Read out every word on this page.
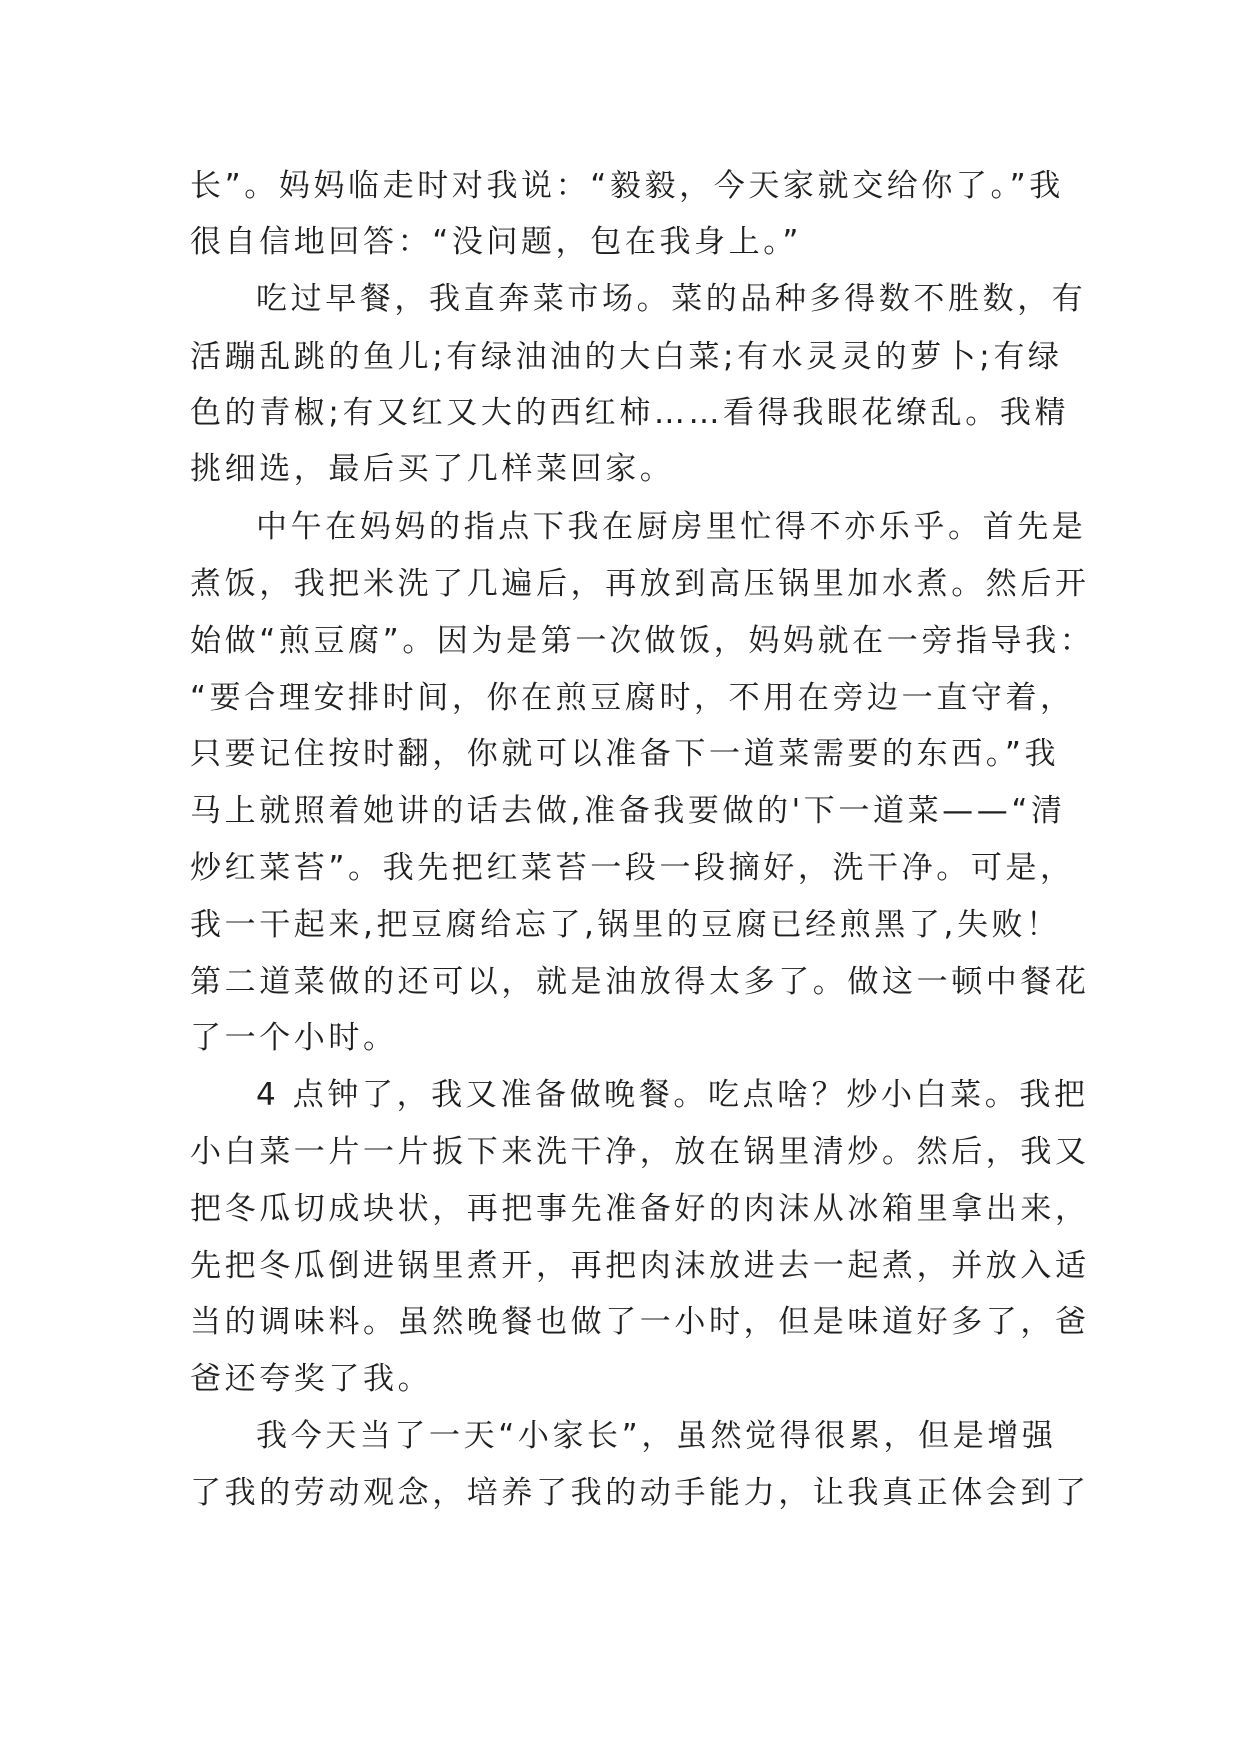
长”。妈妈临走时对我说：“毅毅，今天家就交给你了。”我
很自信地回答：“没问题，包在我身上。”
吃过早餐，我直奔菜市场。菜的品种多得数不胜数，有
活蹦乱跳的鱼儿;有绿油油的大白菜;有水灵灵的萝卜;有绿
色的青椒;有又红又大的西红柿……看得我眼花缭乱。我精
挑细选，最后买了几样菜回家。
中午在妈妈的指点下我在厨房里忙得不亦乐乎。首先是
煮饭，我把米洗了几遍后，再放到高压锅里加水煮。然后开
始做“煎豆腐”。因为是第一次做饭，妈妈就在一旁指导我：
“要合理安排时间，你在煎豆腐时，不用在旁边一直守着，
只要记住按时翻，你就可以准备下一道菜需要的东西。”我
马上就照着她讲的话去做,准备我要做的'下一道菜——“清
炒红菜苔”。我先把红菜苔一段一段摘好，洗干净。可是，
我一干起来,把豆腐给忘了,锅里的豆腐已经煎黑了,失败！
第二道菜做的还可以，就是油放得太多了。做这一顿中餐花
了一个小时。
4 点钟了，我又准备做晚餐。吃点啥？炒小白菜。我把
小白菜一片一片扳下来洗干净，放在锅里清炒。然后，我又
把冬瓜切成块状，再把事先准备好的肉沫从冰箱里拿出来，
先把冬瓜倒进锅里煮开，再把肉沫放进去一起煮，并放入适
当的调味料。虽然晚餐也做了一小时，但是味道好多了，爸
爸还夸奖了我。
我今天当了一天“小家长”，虽然觉得很累，但是增强
了我的劳动观念，培养了我的动手能力，让我真正体会到了
